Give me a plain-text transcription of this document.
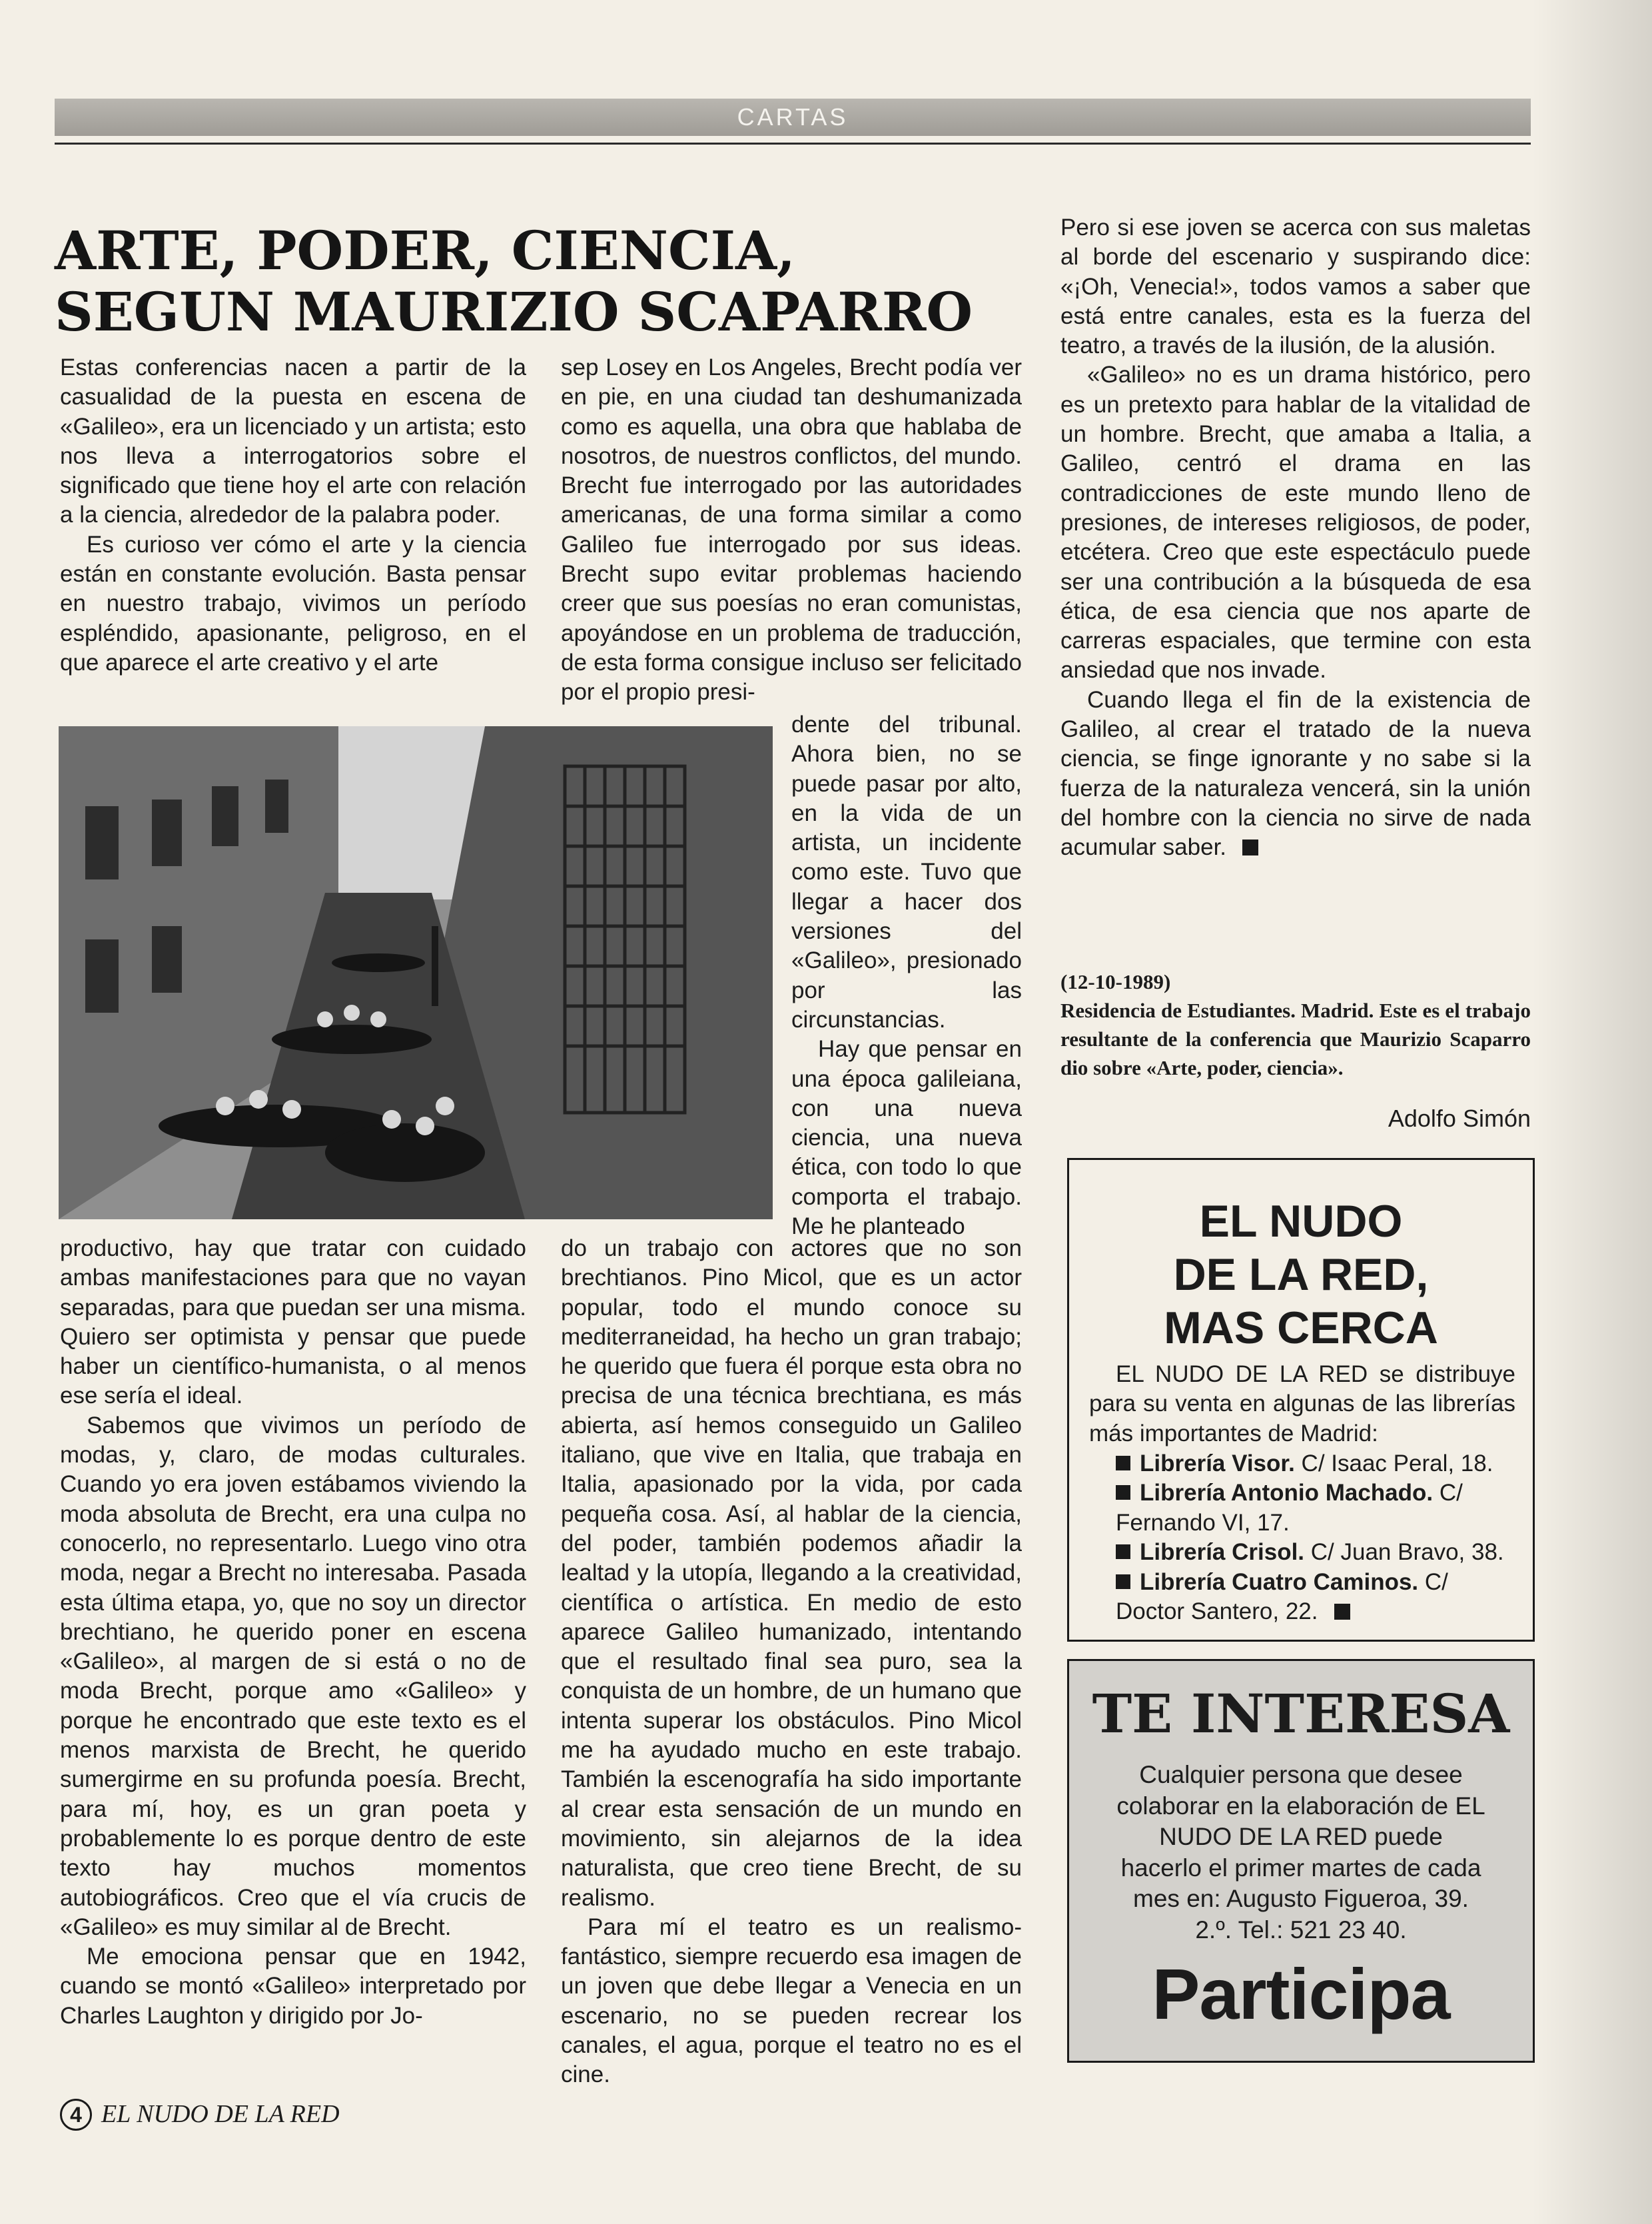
CARTAS
ARTE, PODER, CIENCIA,
SEGUN MAURIZIO SCAPARRO

Estas conferencias nacen a partir de la casualidad de la puesta en escena de «Galileo», era un licenciado y un artista; esto nos lleva a interrogatorios sobre el significado que tiene hoy el arte con relación a la ciencia, alrededor de la palabra poder.

Es curioso ver cómo el arte y la ciencia están en constante evolución. Basta pensar en nuestro trabajo, vivimos un período espléndido, apasionante, peligroso, en el que aparece el arte creativo y el arte

sep Losey en Los Angeles, Brecht podía ver en pie, en una ciudad tan deshumanizada como es aquella, una obra que hablaba de nosotros, de nuestros conflictos, del mundo. Brecht fue interrogado por las autoridades americanas, de una forma similar a como Galileo fue interrogado por sus ideas. Brecht supo evitar problemas haciendo creer que sus poesías no eran comunistas, apoyándose en un problema de traducción, de esta forma consigue incluso ser felicitado por el propio presi-

dente del tribunal. Ahora bien, no se puede pasar por alto, en la vida de un artista, un incidente como este. Tuvo que llegar a hacer dos versiones del «Galileo», presionado por las circunstancias.

Hay que pensar en una época galileiana, con una nueva ciencia, una nueva ética, con todo lo que comporta el trabajo. Me he planteado

productivo, hay que tratar con cuidado ambas manifestaciones para que no vayan separadas, para que puedan ser una misma. Quiero ser optimista y pensar que puede haber un científico-humanista, o al menos ese sería el ideal.

Sabemos que vivimos un período de modas, y, claro, de modas culturales. Cuando yo era joven estábamos viviendo la moda absoluta de Brecht, era una culpa no conocerlo, no representarlo. Luego vino otra moda, negar a Brecht no interesaba. Pasada esta última etapa, yo, que no soy un director brechtiano, he querido poner en escena «Galileo», al margen de si está o no de moda Brecht, porque amo «Galileo» y porque he encontrado que este texto es el menos marxista de Brecht, he querido sumergirme en su profunda poesía. Brecht, para mí, hoy, es un gran poeta y probablemente lo es porque dentro de este texto hay muchos momentos autobiográficos. Creo que el vía crucis de «Galileo» es muy similar al de Brecht.

Me emociona pensar que en 1942, cuando se montó «Galileo» interpretado por Charles Laughton y dirigido por Jo-

do un trabajo con actores que no son brechtianos. Pino Micol, que es un actor popular, todo el mundo conoce su mediterraneidad, ha hecho un gran trabajo; he querido que fuera él porque esta obra no precisa de una técnica brechtiana, es más abierta, así hemos conseguido un Galileo italiano, que vive en Italia, que trabaja en Italia, apasionado por la vida, por cada pequeña cosa. Así, al hablar de la ciencia, del poder, también podemos añadir la lealtad y la utopía, llegando a la creatividad, científica o artística. En medio de esto aparece Galileo humanizado, intentando que el resultado final sea puro, sea la conquista de un hombre, de un humano que intenta superar los obstáculos. Pino Micol me ha ayudado mucho en este trabajo. También la escenografía ha sido importante al crear esta sensación de un mundo en movimiento, sin alejarnos de la idea naturalista, que creo tiene Brecht, de su realismo.

Para mí el teatro es un realismo-fantástico, siempre recuerdo esa imagen de un joven que debe llegar a Venecia en un escenario, no se pueden recrear los canales, el agua, porque el teatro no es el cine.

Pero si ese joven se acerca con sus maletas al borde del escenario y suspirando dice: «¡Oh, Venecia!», todos vamos a saber que está entre canales, esta es la fuerza del teatro, a través de la ilusión, de la alusión.

«Galileo» no es un drama histórico, pero es un pretexto para hablar de la vitalidad de un hombre. Brecht, que amaba a Italia, a Galileo, centró el drama en las contradicciones de este mundo lleno de presiones, de intereses religiosos, de poder, etcétera. Creo que este espectáculo puede ser una contribución a la búsqueda de esa ética, de esa ciencia que nos aparte de carreras espaciales, que termine con esta ansiedad que nos invade.

Cuando llega el fin de la existencia de Galileo, al crear el tratado de la nueva ciencia, se finge ignorante y no sabe si la fuerza de la naturaleza vencerá, sin la unión del hombre con la ciencia no sirve de nada acumular saber.

(12-10-1989)

Residencia de Estudiantes. Madrid. Este es el trabajo resultante de la conferencia que Maurizio Scaparro dio sobre «Arte, poder, ciencia».

Adolfo Simón
EL NUDO
DE LA RED,
MAS CERCA

EL NUDO DE LA RED se distribuye para su venta en algunas de las librerías más importantes de Madrid:

Librería Visor. C/ Isaac Peral, 18.
Librería Antonio Machado. C/ Fernando VI, 17.
Librería Crisol. C/ Juan Bravo, 38.
Librería Cuatro Caminos. C/ Doctor Santero, 22.
TE INTERESA
Cualquier persona que desee colaborar en la elaboración de EL NUDO DE LA RED puede hacerlo el primer martes de cada mes en: Augusto Figueroa, 39. 2.º. Tel.: 521 23 40.
Participa
4 EL NUDO DE LA RED
